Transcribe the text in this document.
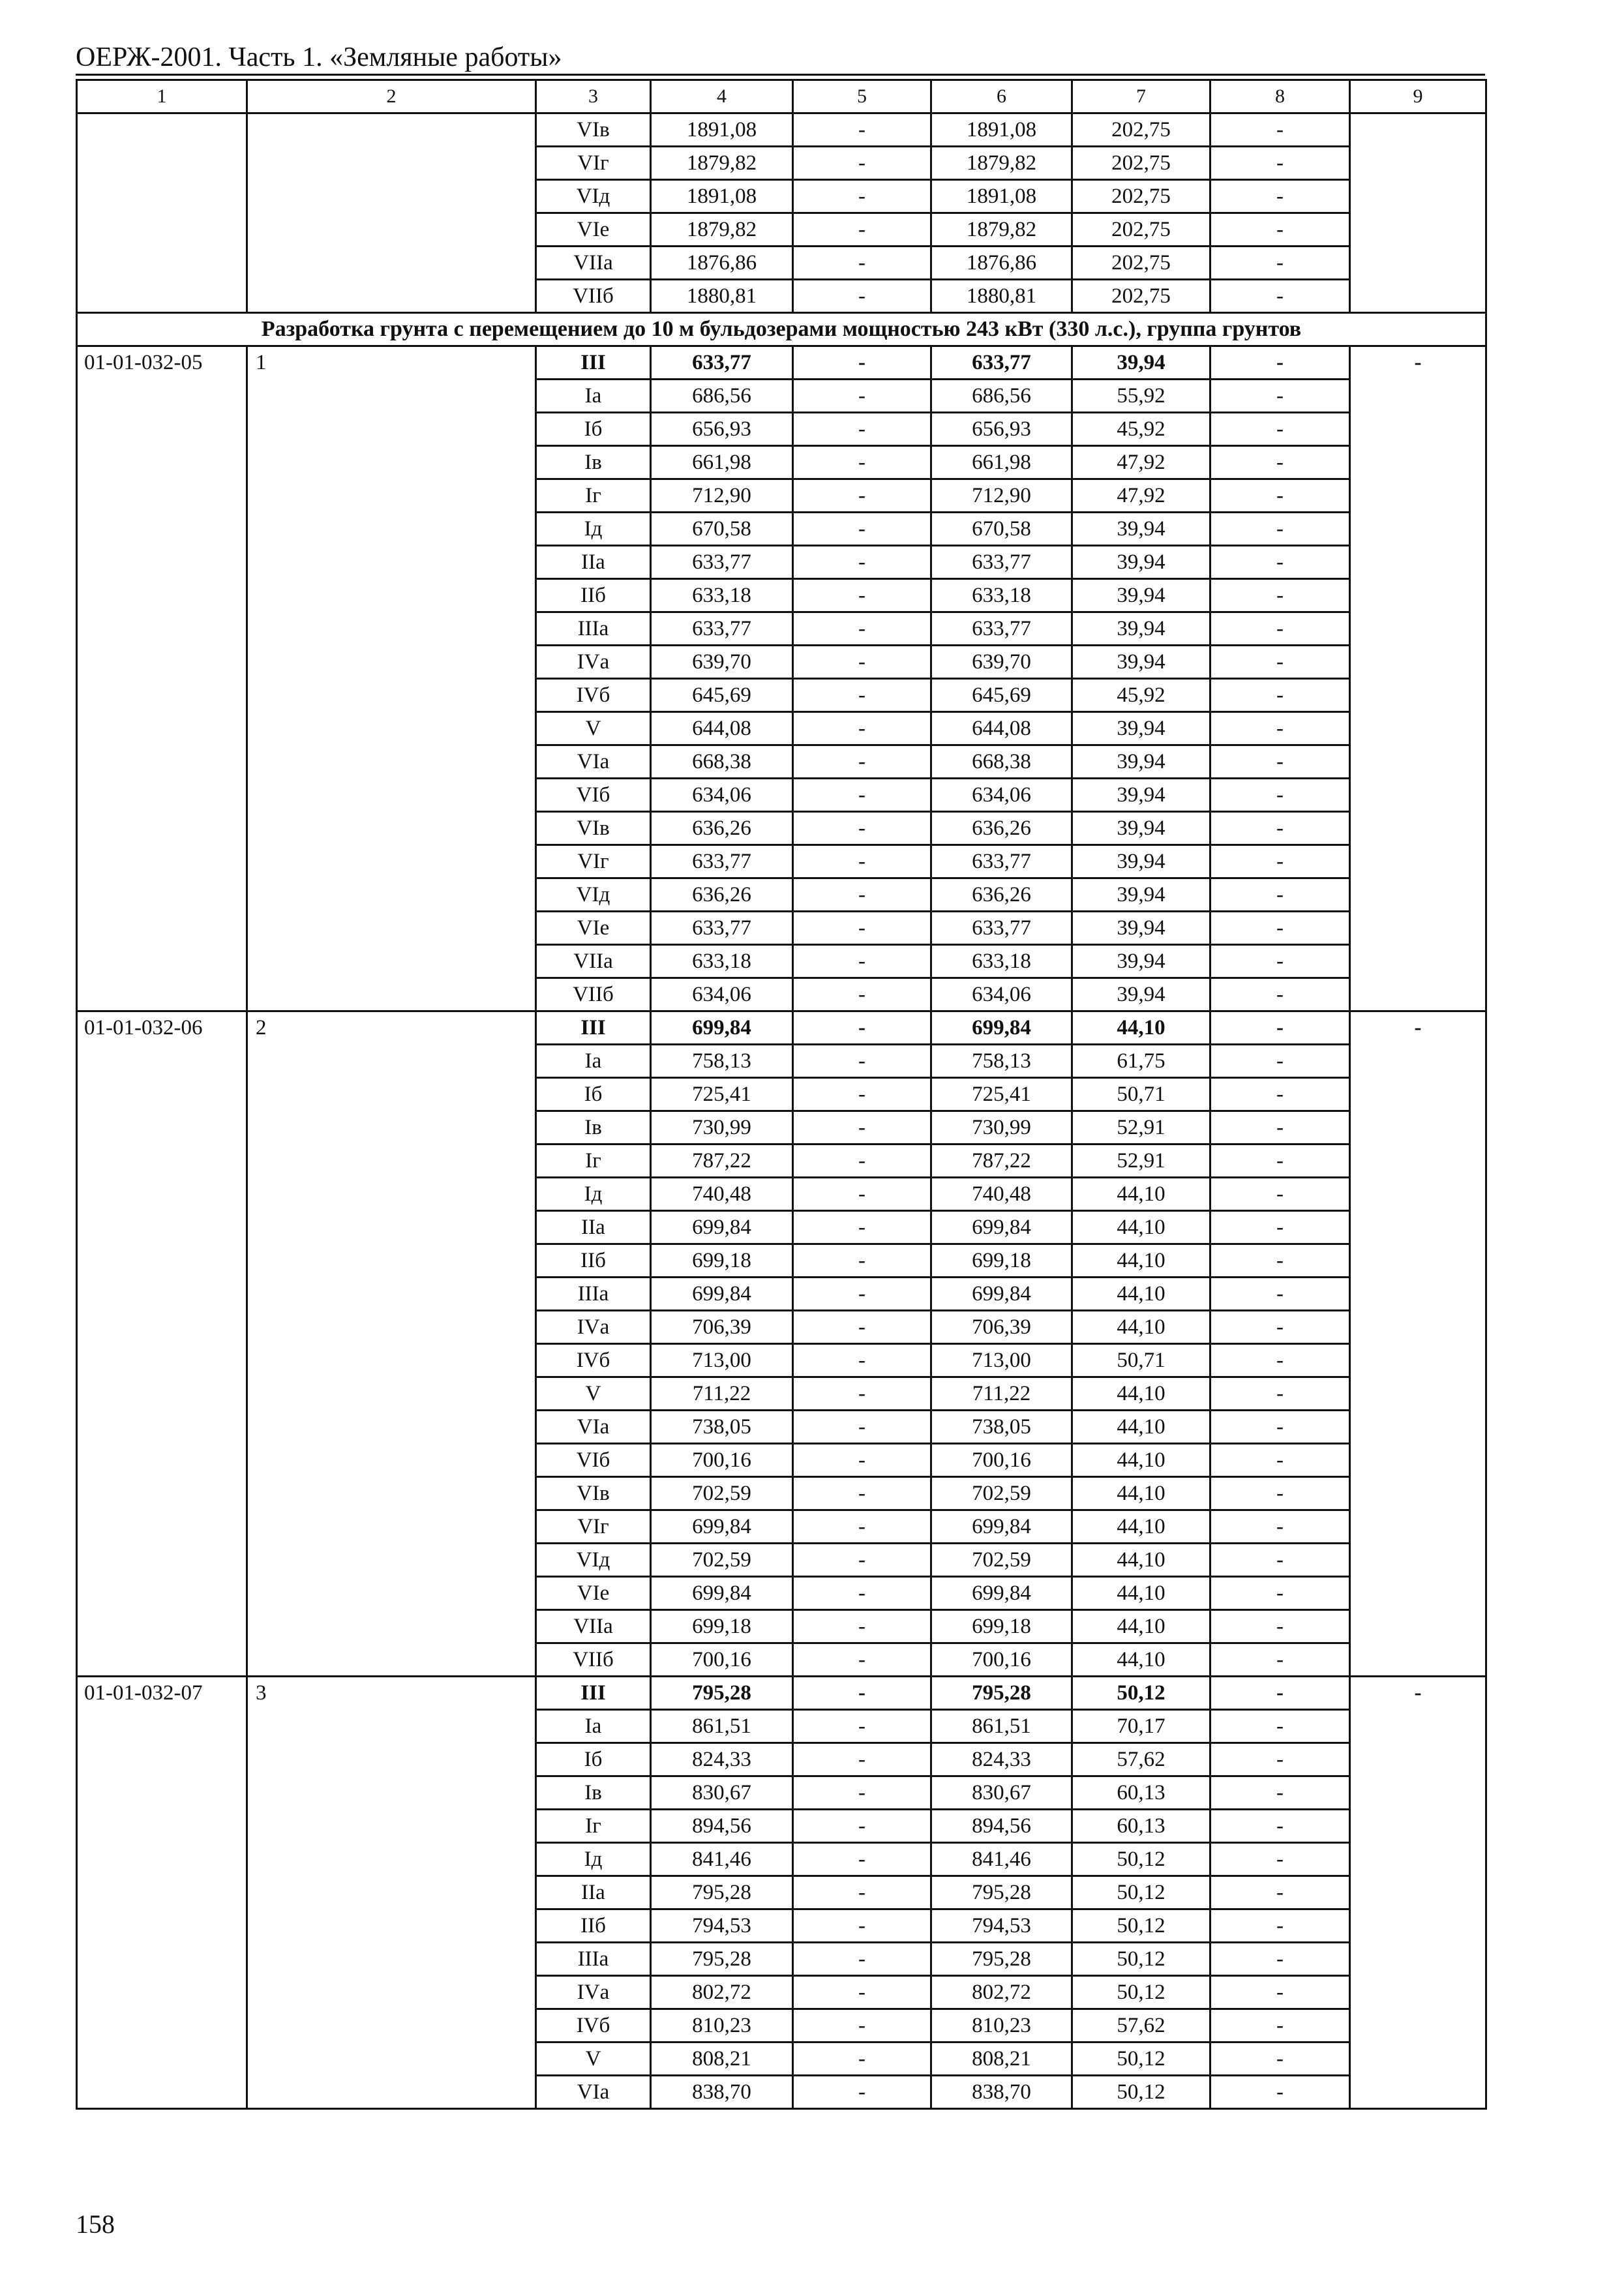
ОЕРЖ-2001. Часть 1. «Земляные работы»
1	2	3	4	5	6	7	8	9
		VIв	1891,08	-	1891,08	202,75	-	
		VIг	1879,82	-	1879,82	202,75	-	
		VIд	1891,08	-	1891,08	202,75	-	
		VIе	1879,82	-	1879,82	202,75	-	
		VIIа	1876,86	-	1876,86	202,75	-	
		VIIб	1880,81	-	1880,81	202,75	-	
Разработка грунта с перемещением до 10 м бульдозерами мощностью 243 кВт (330 л.с.), группа грунтов								
01-01-032-05	1	III	633,77	-	633,77	39,94	-	-
		Iа	686,56	-	686,56	55,92	-	
		Iб	656,93	-	656,93	45,92	-	
		Iв	661,98	-	661,98	47,92	-	
		Iг	712,90	-	712,90	47,92	-	
		Iд	670,58	-	670,58	39,94	-	
		IIа	633,77	-	633,77	39,94	-	
		IIб	633,18	-	633,18	39,94	-	
		IIIа	633,77	-	633,77	39,94	-	
		IVа	639,70	-	639,70	39,94	-	
		IVб	645,69	-	645,69	45,92	-	
		V	644,08	-	644,08	39,94	-	
		VIа	668,38	-	668,38	39,94	-	
		VIб	634,06	-	634,06	39,94	-	
		VIв	636,26	-	636,26	39,94	-	
		VIг	633,77	-	633,77	39,94	-	
		VIд	636,26	-	636,26	39,94	-	
		VIе	633,77	-	633,77	39,94	-	
		VIIа	633,18	-	633,18	39,94	-	
		VIIб	634,06	-	634,06	39,94	-	
01-01-032-06	2	III	699,84	-	699,84	44,10	-	-
		Iа	758,13	-	758,13	61,75	-	
		Iб	725,41	-	725,41	50,71	-	
		Iв	730,99	-	730,99	52,91	-	
		Iг	787,22	-	787,22	52,91	-	
		Iд	740,48	-	740,48	44,10	-	
		IIа	699,84	-	699,84	44,10	-	
		IIб	699,18	-	699,18	44,10	-	
		IIIа	699,84	-	699,84	44,10	-	
		IVа	706,39	-	706,39	44,10	-	
		IVб	713,00	-	713,00	50,71	-	
		V	711,22	-	711,22	44,10	-	
		VIа	738,05	-	738,05	44,10	-	
		VIб	700,16	-	700,16	44,10	-	
		VIв	702,59	-	702,59	44,10	-	
		VIг	699,84	-	699,84	44,10	-	
		VIд	702,59	-	702,59	44,10	-	
		VIе	699,84	-	699,84	44,10	-	
		VIIа	699,18	-	699,18	44,10	-	
		VIIб	700,16	-	700,16	44,10	-	
01-01-032-07	3	III	795,28	-	795,28	50,12	-	-
		Iа	861,51	-	861,51	70,17	-	
		Iб	824,33	-	824,33	57,62	-	
		Iв	830,67	-	830,67	60,13	-	
		Iг	894,56	-	894,56	60,13	-	
		Iд	841,46	-	841,46	50,12	-	
		IIа	795,28	-	795,28	50,12	-	
		IIб	794,53	-	794,53	50,12	-	
		IIIа	795,28	-	795,28	50,12	-	
		IVа	802,72	-	802,72	50,12	-	
		IVб	810,23	-	810,23	57,62	-	
		V	808,21	-	808,21	50,12	-	
		VIа	838,70	-	838,70	50,12	-	
158
